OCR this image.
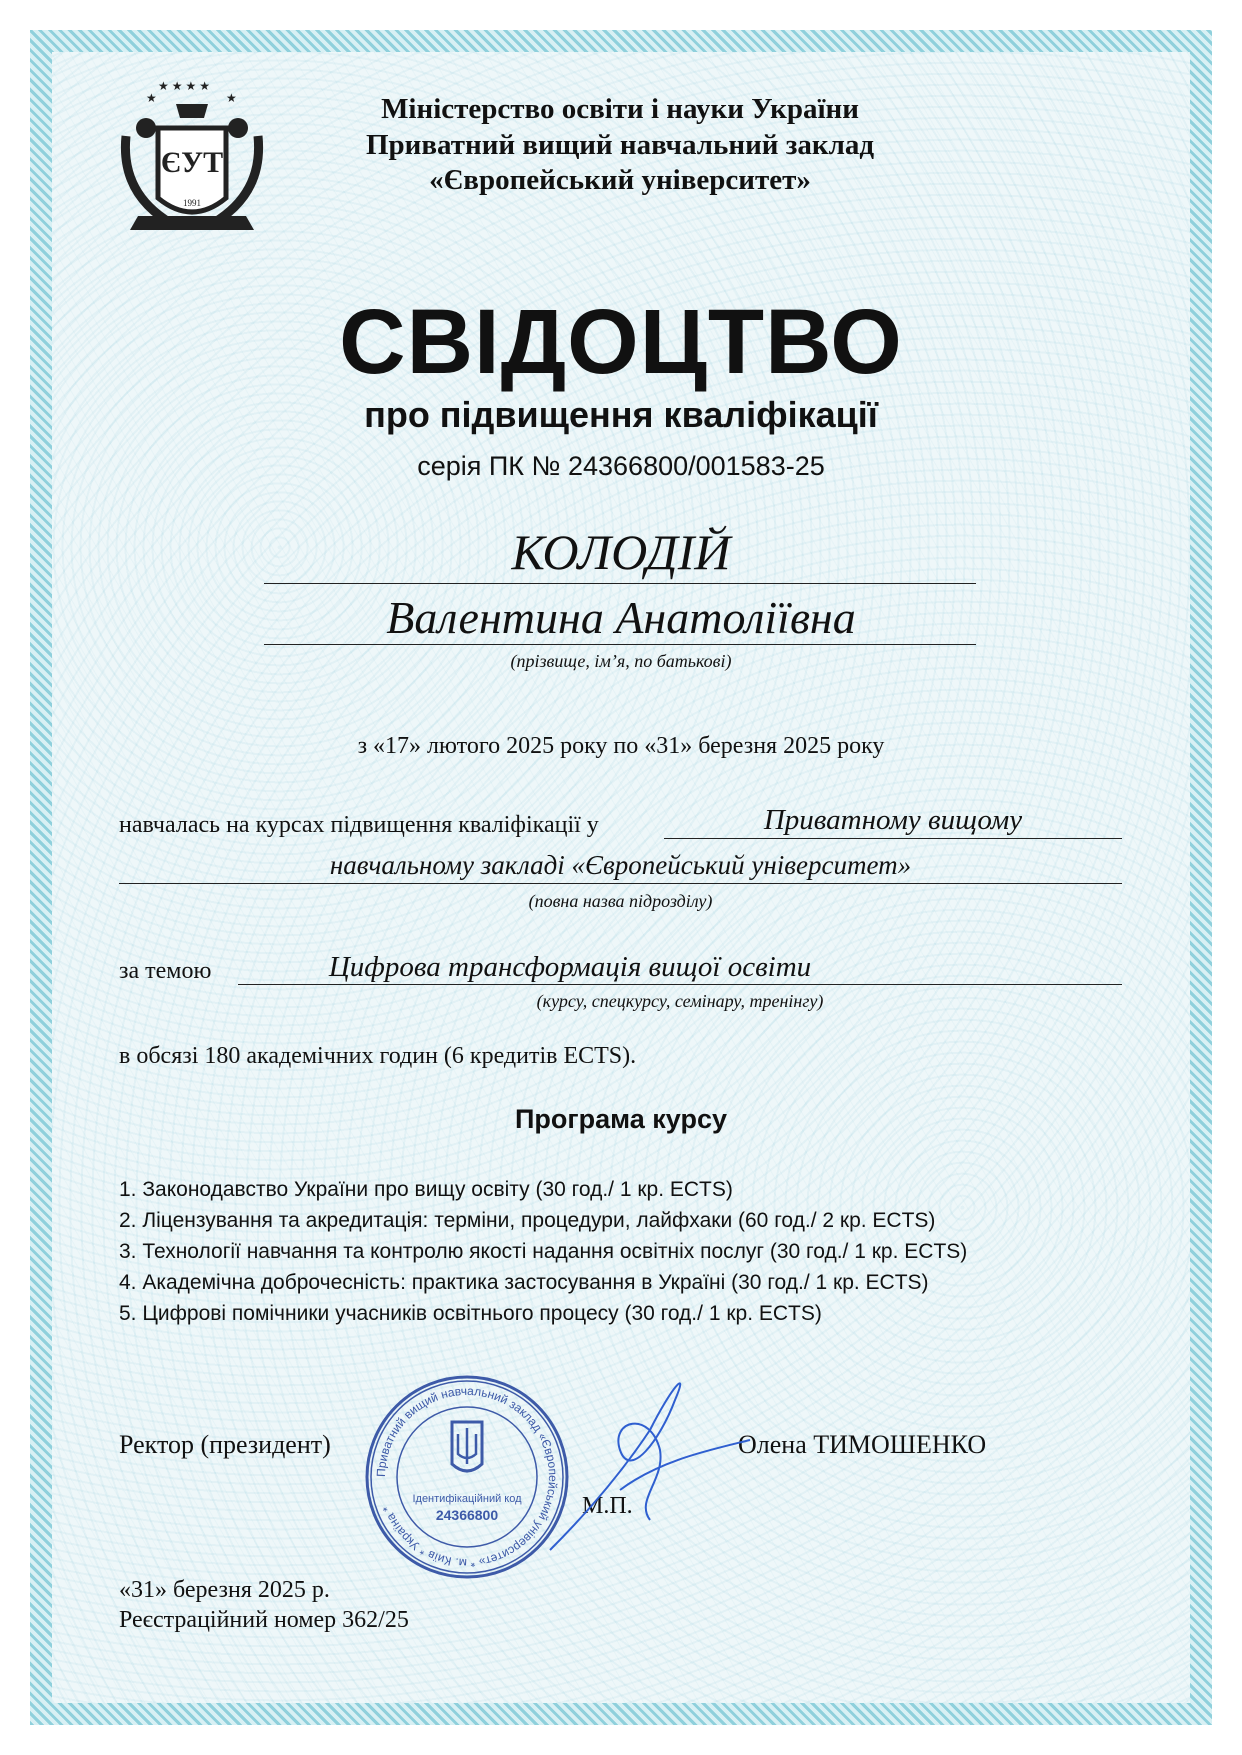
★ ★ ★ ★
★	★
ЄУТ
1991
Міністерство освіти і науки України
Приватний вищий навчальний заклад
«Європейський університет»
СВІДОЦТВО
про підвищення кваліфікації
серія ПК № 24366800/001583-25
КОЛОДІЙ
Валентина Анатоліївна
(прізвище, ім’я, по батькові)
з «17» лютого 2025 року по «31» березня 2025 року
навчалась на курсах підвищення кваліфікації у	Приватному вищому
навчальному закладі «Європейський університет»
(повна назва підрозділу)
за темою	Цифрова трансформація вищої освіти
(курсу, спецкурсу, семінару, тренінгу)
в обсязі 180 академічних годин (6 кредитів ECTS).
Програма курсу
1. Законодавство України про вищу освіту (30 год./ 1 кр. ECTS)
2. Ліцензування та акредитація: терміни, процедури, лайфхаки (60 год./ 2 кр. ECTS)
3. Технології навчання та контролю якості надання освітніх послуг (30 год./ 1 кр. ECTS)
4. Академічна доброчесність: практика застосування в Україні (30 год./ 1 кр. ECTS)
5. Цифрові помічники учасників освітнього процесу (30 год./ 1 кр. ECTS)
Ректор (президент)	Олена ТИМОШЕНКО
Приватний вищий навчальний заклад «Європейський університет» * м. Київ * Україна *
Ідентифікаційний код
24366800	М.П.
«31» березня 2025 р.
Реєстраційний номер 362/25
